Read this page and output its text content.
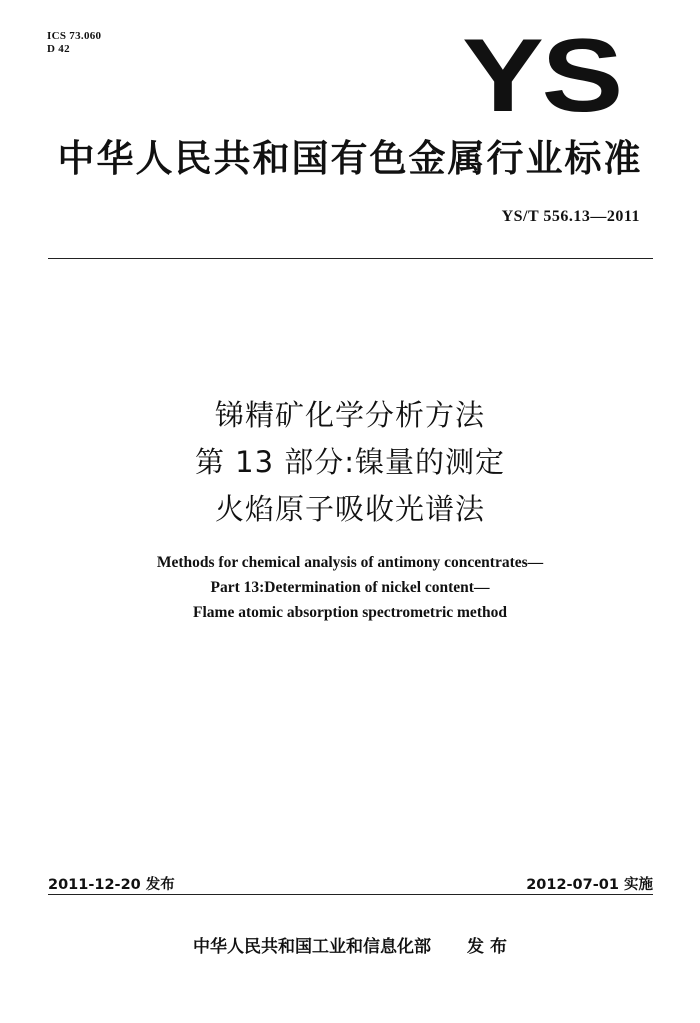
ICS 73.060
D 42	YS
中华人民共和国有色金属行业标准
YS/T 556.13—2011
锑精矿化学分析方法
第 13 部分:镍量的测定
火焰原子吸收光谱法
Methods for chemical analysis of antimony concentrates—
Part 13:Determination of nickel content—
Flame atomic absorption spectrometric method
2011-12-20 发布	2012-07-01 实施
中华人民共和国工业和信息化部 发 布
